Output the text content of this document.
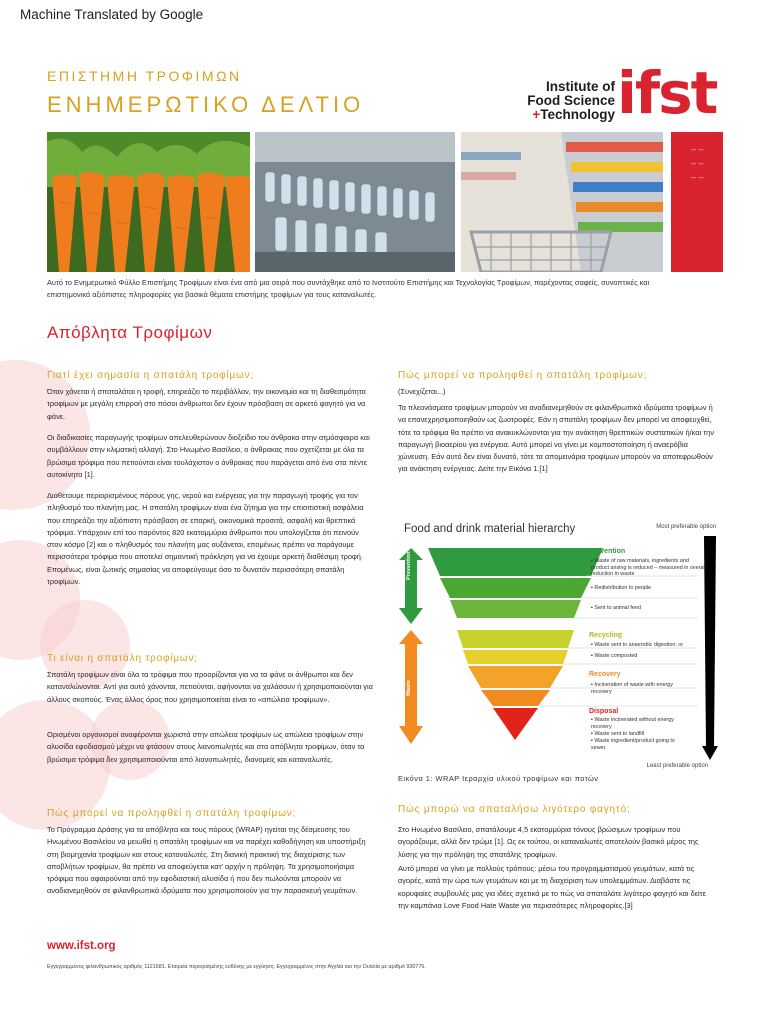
Machine Translated by Google
ΕΠΙΣΤΗΜΗ ΤΡΟΦΙΜΩΝ
ΕΝΗΜΕΡΩΤΙΚΟ ΔΕΛΤΙΟ
Institute of
Food Science
+Technology ifst
– –
– –
– –
Αυτό το Ενημερωτικό Φύλλο Επιστήμης Τροφίμων είναι ένα από μια σειρά που συντάχθηκε από το Ινστιτούτο Επιστήμης και Τεχνολογίας Τροφίμων, παρέχοντας σαφείς, συνοπτικές και επιστημονικά αξιόπιστες πληροφορίες για βασικά θέματα επιστήμης τροφίμων για τους καταναλωτές.
Απόβλητα Τροφίμων
Γιατί έχει σημασία η σπατάλη τροφίμων;
Όταν χάνεται ή σπαταλάται η τροφή, επηρεάζει το περιβάλλον, την οικονομία και τη διαθεσιμότητα τροφίμων με μεγάλη επιρροή στο πόσοι άνθρωποι δεν έχουν πρόσβαση σε αρκετό φαγητό για να φάνε.
Οι διαδικασίες παραγωγής τροφίμων απελευθερώνουν διοξείδιο του άνθρακα στην ατμόσφαιρα και συμβάλλουν στην κλιματική αλλαγή. Στο Ηνωμένο Βασίλειο, ο άνθρακας που σχετίζεται με όλα τα βρώσιμα τρόφιμα που πετιούνται είναι τουλάχιστον ο άνθρακας που παράγεται από ένα στα πέντε αυτοκίνητα [1].
Διαθέτουμε περιορισμένους πόρους γης, νερού και ενέργειας για την παραγωγή τροφής για τον πληθυσμό του πλανήτη μας. Η σπατάλη τροφίμων είναι ένα ζήτημα για την επισιτιστική ασφάλεια που επηρεάζει την αξιόπιστη πρόσβαση σε επαρκή, οικονομικά προσιτά, ασφαλή και θρεπτικά τρόφιμα. Υπάρχουν επί του παρόντος 820 εκατομμύρια άνθρωποι που υπολογίζεται ότι πεινούν στον κόσμο [2] και ο πληθυσμός του πλανήτη μας αυξάνεται, επομένως πρέπει να παράγουμε περισσότερα τρόφιμα που αποτελεί σημαντική πρόκληση για να έχουμε αρκετή διαθέσιμη τροφή. Επομένως, είναι ζωτικής σημασίας να αποφεύγουμε όσο το δυνατόν περισσότερη σπατάλη τροφίμων.
Τι είναι η σπατάλη τροφίμων;
Σπατάλη τροφίμων είναι όλα τα τρόφιμα που προορίζονται για να τα φάνε οι άνθρωποι και δεν καταναλώνονται. Αντί για αυτό χάνονται, πετιούνται, αφήνονται να χαλάσουν ή χρησιμοποιούνται για άλλους σκοπούς. Ένας άλλος όρος που χρησιμοποιείται είναι το «απώλεια τροφίμων».
Ορισμένοι οργανισμοί αναφέρονται χωριστά στην απώλεια τροφίμων ως απώλεια τροφίμων στην αλυσίδα εφοδιασμού μέχρι να φτάσουν στους λιανοπωλητές και στα απόβλητα τροφίμων, όταν τα βρώσιμα τρόφιμα δεν χρησιμοποιούνται από λιανοπωλητές, διανομείς και καταναλωτές.
Πώς μπορεί να προληφθεί η σπατάλη τροφίμων;
Το Πρόγραμμα Δράσης για τα απόβλητα και τους πόρους (WRAP) ηγείται της δέσμευσης του Ηνωμένου Βασιλείου να μειωθεί η σπατάλη τροφίμων και να παρέχει καθοδήγηση και υποστήριξη στη βιομηχανία τροφίμων και στους καταναλωτές. Στη διανική πρακτική της διαχείρισης των αποβλήτων τροφίμων, θα πρέπει να αποφεύγεται κατ' αρχήν η πρόληψη. Τα χρησιμοποιήσιμα τρόφιμα που αφαιρούνται από την εφοδιαστική αλυσίδα ή που δεν πωλούνται μπορούν να αναδιανεμηθούν σε φιλανθρωπικά ιδρύματα που χρησιμοποιούν για την παρασκευή γευμάτων.
Πώς μπορεί να προληφθεί η σπατάλη τροφίμων;
(Συνεχίζεται...)
Τα πλεονάσματα τροφίμων μπορούν να αναδιανεμηθούν σε φιλανθρωπικά ιδρύματα τροφίμων ή να επανεχρησιμοποιηθούν ως ζωοτροφές. Εάν η σπατάλη τροφίμων δεν μπορεί να αποφευχθεί, τότε τα τρόφιμα θα πρέπει να ανακυκλώνονται για την ανάκτηση θρεπτικών συστατικών ή/και την παραγωγή βιοαερίου για ενέργεια. Αυτό μπορεί να γίνει με κομποστοποίηση ή αναερόβια χώνευση. Εάν αυτό δεν είναι δυνατό, τότε τα απομεινάρια τροφίμων μπορούν να αποτεφρωθούν για ανάκτηση ενέργειας. Δείτε την Εικόνα 1.[1]
Food and drink material hierarchy	Most preferable option
Prevention
Waste
Prevention
▪ Waste of raw materials, ingredients and product arising is reduced – measured in overall reduction in waste
▪ Redistribution to people
▪ Sent to animal feed
Recycling
▪ Waste sent to anaerobic digestion; or
▪ Waste composted
Recovery
▪ Incineration of waste with energy recovery
Disposal
▪ Waste incinerated without energy recovery
▪ Waste sent to landfill
▪ Waste ingredient/product going to sewer
Least preferable option
Εικόνα 1: WRAP Ιεραρχία υλικού τροφίμων και ποτών
Πώς μπορώ να σπαταλήσω λιγότερο φαγητό;
Στο Ηνωμένο Βασίλειο, σπατάλουμε 4,5 εκατομμύρια τόνους βρώσιμων τροφίμων που αγοράζουμε, αλλά δεν τρώμε [1]. Ως εκ τούτου, οι καταναλωτές αποτελούν βασικό μέρος της λύσης για την πρόληψη της σπατάλης τροφίμων.
Αυτό μπορεί να γίνει με πολλούς τρόπους: μέσω του προγραμματισμού γευμάτων, κατά τις αγορές, κατά την ώρα των γευμάτων και με τη διαχείριση των υπολειμμάτων. Διαβάστε τις κορυφαίες συμβουλές μας για ιδέες σχετικά με το πώς να σπαταλάτε λιγότερο φαγητό και δείτε την καμπάνια Love Food Hate Waste για περισσότερες πληροφορίες.[3]
www.ifst.org
Εγγεγραμμένος φιλανθρωπικός αριθμός 1121681. Εταιρεία περιορισμένης ευθύνης με εγγύηση. Εγγεγραμμένος στην Αγγλία και την Ουαλία με αριθμό 930776.
